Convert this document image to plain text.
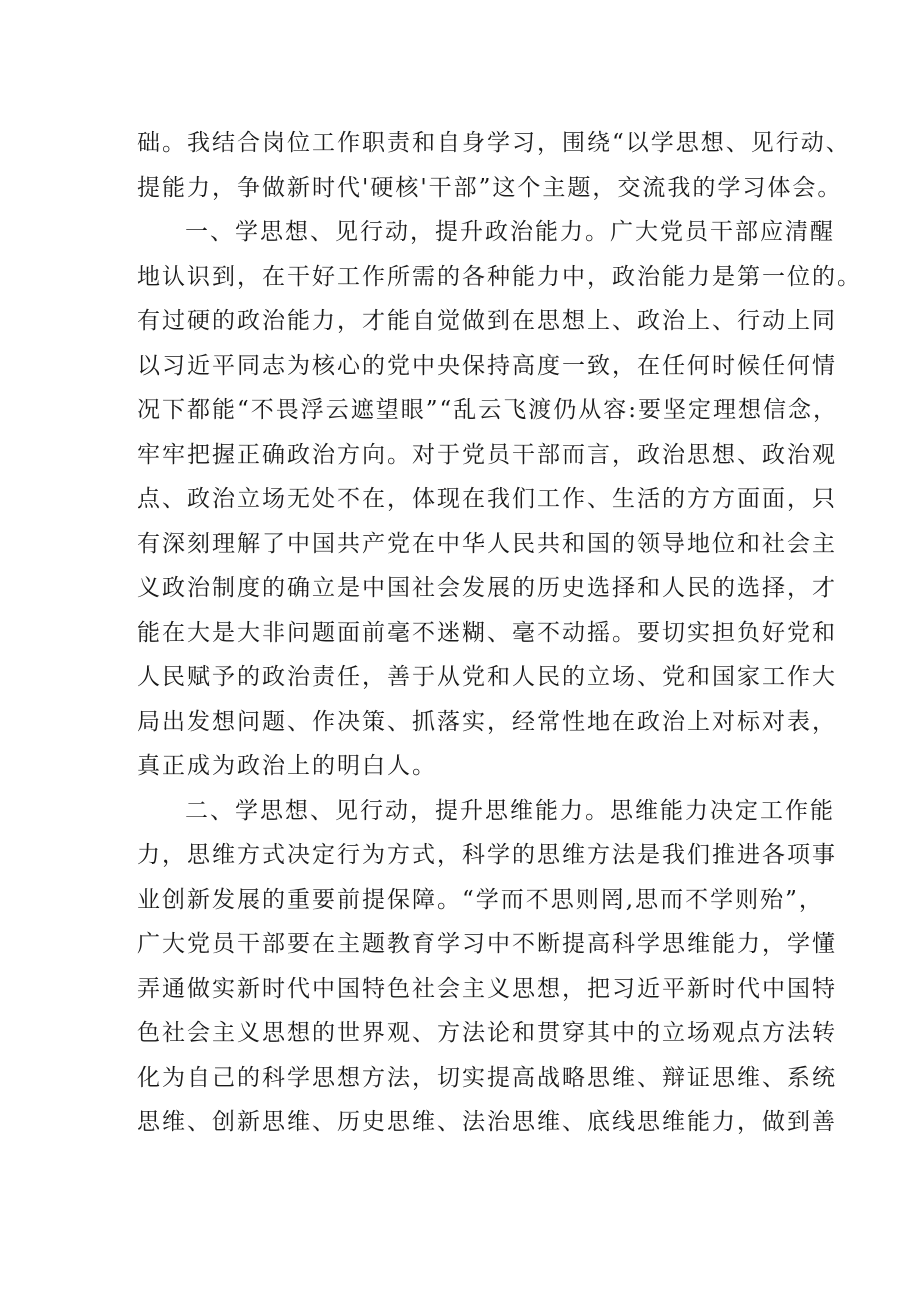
础。我结合岗位工作职责和自身学习，围绕“以学思想、见行动、
提能力，争做新时代'硬核'干部”这个主题，交流我的学习体会。
一、学思想、见行动，提升政治能力。广大党员干部应清醒
地认识到，在干好工作所需的各种能力中，政治能力是第一位的。
有过硬的政治能力，才能自觉做到在思想上、政治上、行动上同
以习近平同志为核心的党中央保持高度一致，在任何时候任何情
况下都能“不畏浮云遮望眼”“乱云飞渡仍从容:要坚定理想信念，
牢牢把握正确政治方向。对于党员干部而言，政治思想、政治观
点、政治立场无处不在，体现在我们工作、生活的方方面面，只
有深刻理解了中国共产党在中华人民共和国的领导地位和社会主
义政治制度的确立是中国社会发展的历史选择和人民的选择，才
能在大是大非问题面前毫不迷糊、毫不动摇。要切实担负好党和
人民赋予的政治责任，善于从党和人民的立场、党和国家工作大
局出发想问题、作决策、抓落实，经常性地在政治上对标对表，
真正成为政治上的明白人。
二、学思想、见行动，提升思维能力。思维能力决定工作能
力，思维方式决定行为方式，科学的思维方法是我们推进各项事
业创新发展的重要前提保障。“学而不思则罔,思而不学则殆”，
广大党员干部要在主题教育学习中不断提高科学思维能力，学懂
弄通做实新时代中国特色社会主义思想，把习近平新时代中国特
色社会主义思想的世界观、方法论和贯穿其中的立场观点方法转
化为自己的科学思想方法，切实提高战略思维、辩证思维、系统
思维、创新思维、历史思维、法治思维、底线思维能力，做到善
